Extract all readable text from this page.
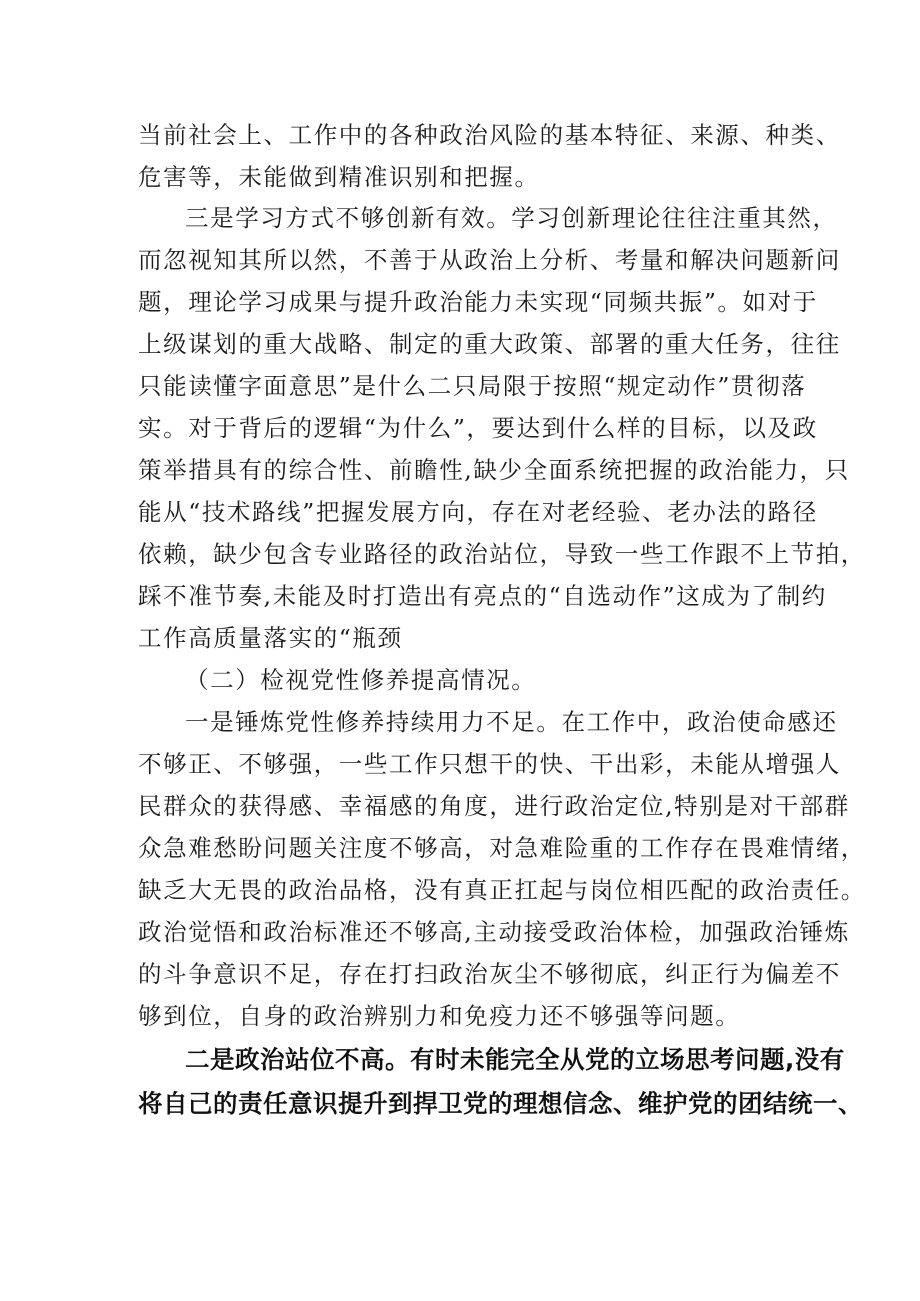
当前社会上、工作中的各种政治风险的基本特征、来源、种类、
危害等，未能做到精准识别和把握。
三是学习方式不够创新有效。学习创新理论往往注重其然，
而忽视知其所以然，不善于从政治上分析、考量和解决问题新问
题，理论学习成果与提升政治能力未实现“同频共振”。如对于
上级谋划的重大战略、制定的重大政策、部署的重大任务，往往
只能读懂字面意思”是什么二只局限于按照“规定动作”贯彻落
实。对于背后的逻辑“为什么”，要达到什么样的目标，以及政
策举措具有的综合性、前瞻性,缺少全面系统把握的政治能力，只
能从“技术路线”把握发展方向，存在对老经验、老办法的路径
依赖，缺少包含专业路径的政治站位，导致一些工作跟不上节拍，
踩不准节奏,未能及时打造出有亮点的“自选动作”这成为了制约
工作高质量落实的“瓶颈
（二）检视党性修养提高情况。
一是锤炼党性修养持续用力不足。在工作中，政治使命感还
不够正、不够强，一些工作只想干的快、干出彩，未能从增强人
民群众的获得感、幸福感的角度，进行政治定位,特别是对干部群
众急难愁盼问题关注度不够高，对急难险重的工作存在畏难情绪，
缺乏大无畏的政治品格，没有真正扛起与岗位相匹配的政治责任。
政治觉悟和政治标准还不够高,主动接受政治体检，加强政治锤炼
的斗争意识不足，存在打扫政治灰尘不够彻底，纠正行为偏差不
够到位，自身的政治辨别力和免疫力还不够强等问题。
二是政治站位不高。有时未能完全从党的立场思考问题,没有
将自己的责任意识提升到捍卫党的理想信念、维护党的团结统一、
